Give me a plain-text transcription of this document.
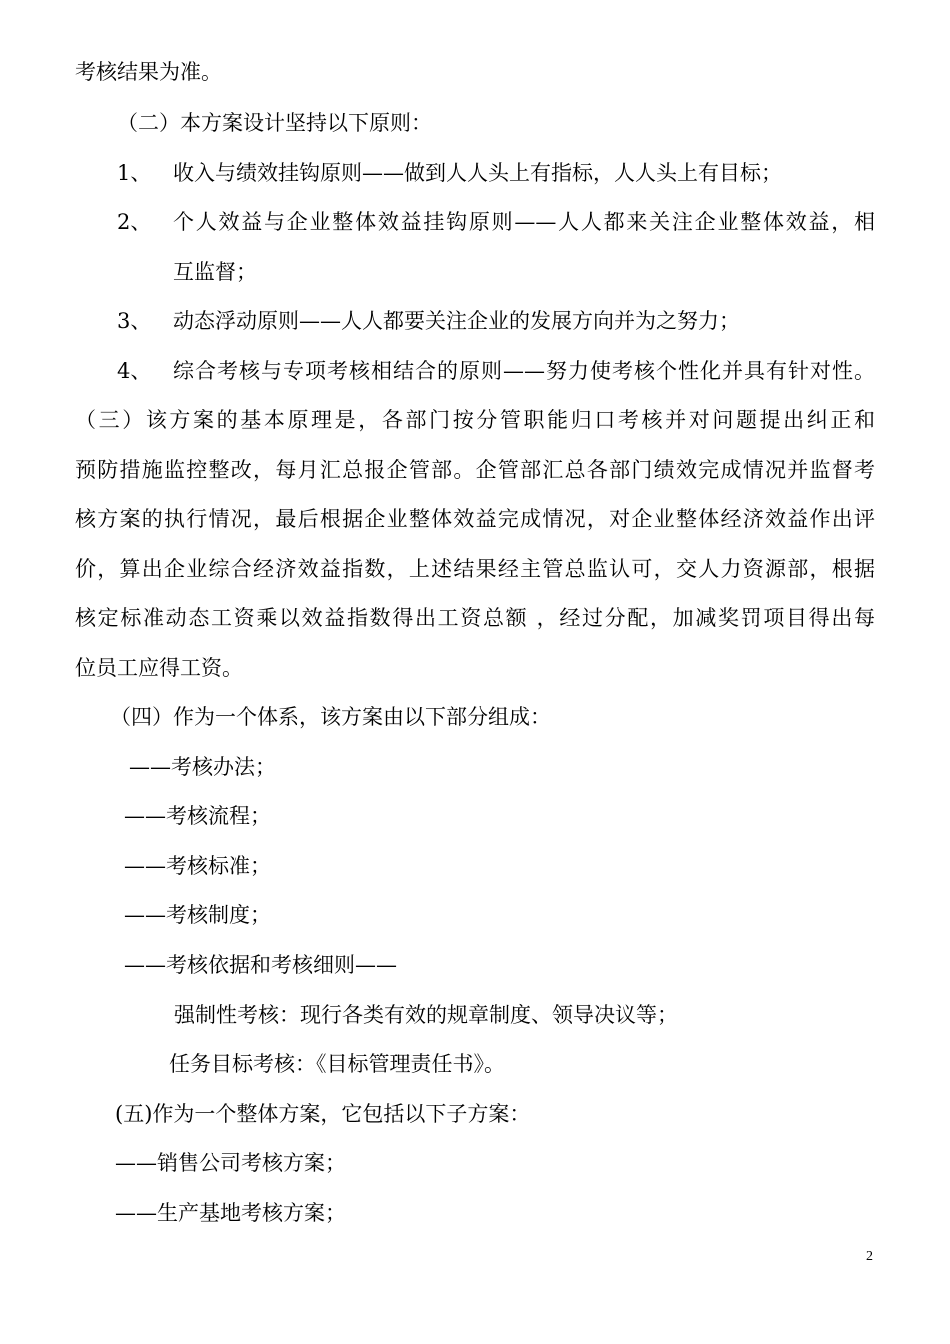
考核结果为准。
（二）本方案设计坚持以下原则：
1、 收入与绩效挂钩原则——做到人人头上有指标，人人头上有目标；
2、 个人效益与企业整体效益挂钩原则——人人都来关注企业整体效益，相
互监督；
3、 动态浮动原则——人人都要关注企业的发展方向并为之努力；
4、 综合考核与专项考核相结合的原则——努力使考核个性化并具有针对性。
（三）该方案的基本原理是，各部门按分管职能归口考核并对问题提出纠正和
预防措施监控整改，每月汇总报企管部。企管部汇总各部门绩效完成情况并监督考
核方案的执行情况，最后根据企业整体效益完成情况，对企业整体经济效益作出评
价，算出企业综合经济效益指数，上述结果经主管总监认可，交人力资源部，根据
核定标准动态工资乘以效益指数得出工资总额 ，经过分配，加减奖罚项目得出每
位员工应得工资。
（四）作为一个体系，该方案由以下部分组成：
——考核办法；
——考核流程；
——考核标准；
——考核制度；
——考核依据和考核细则——
强制性考核：现行各类有效的规章制度、领导决议等；
任务目标考核：《目标管理责任书》。
(五)作为一个整体方案，它包括以下子方案：
——销售公司考核方案；
——生产基地考核方案；
2
